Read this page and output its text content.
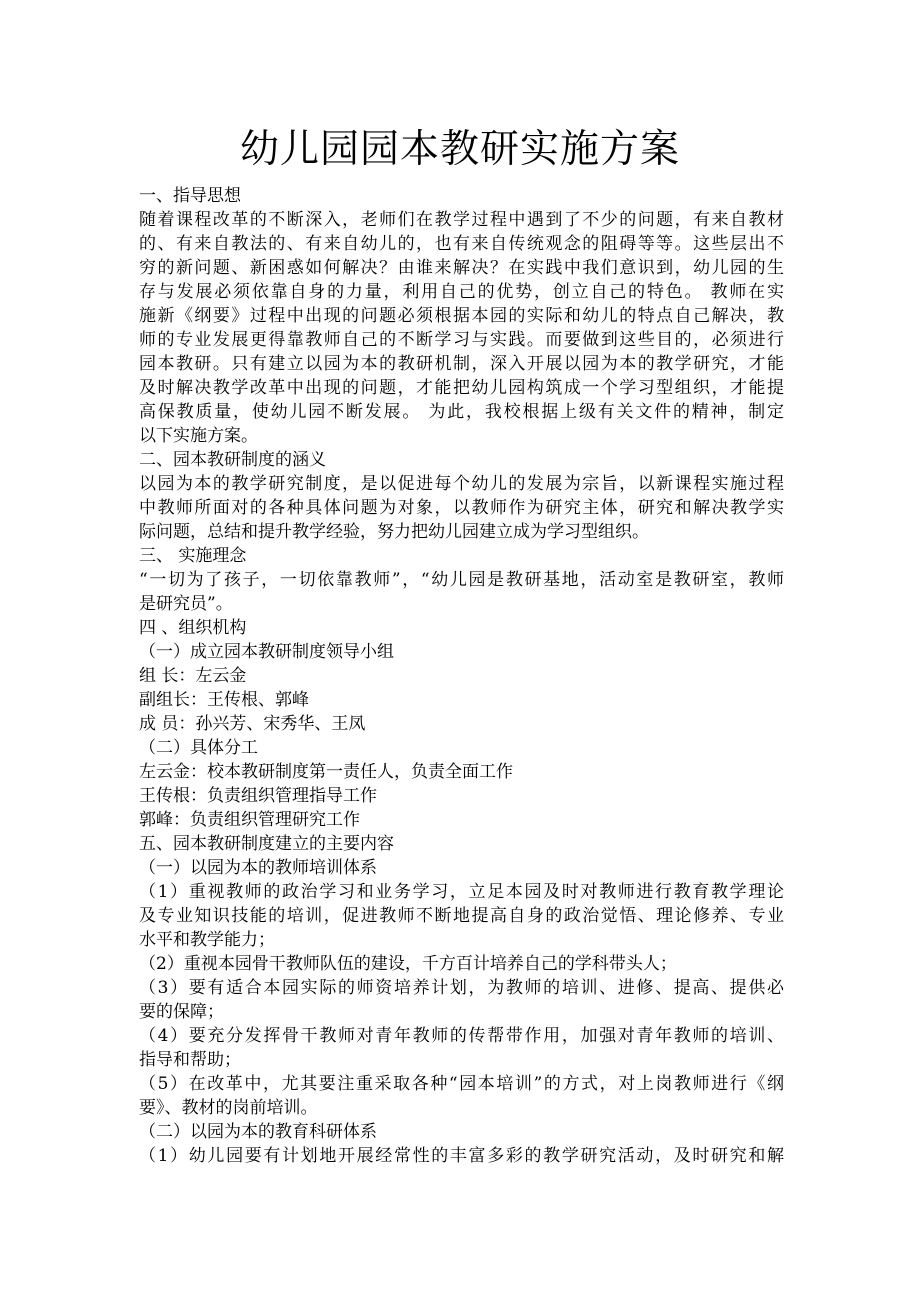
幼儿园园本教研实施方案

一、指导思想

随着课程改革的不断深入，老师们在教学过程中遇到了不少的问题，有来自教材

的、有来自教法的、有来自幼儿的，也有来自传统观念的阻碍等等。这些层出不

穷的新问题、新困惑如何解决？由谁来解决？在实践中我们意识到，幼儿园的生

存与发展必须依靠自身的力量，利用自己的优势，创立自己的特色。 教师在实

施新《纲要》过程中出现的问题必须根据本园的实际和幼儿的特点自己解决，教

师的专业发展更得靠教师自己的不断学习与实践。而要做到这些目的，必须进行

园本教研。只有建立以园为本的教研机制，深入开展以园为本的教学研究，才能

及时解决教学改革中出现的问题，才能把幼儿园构筑成一个学习型组织，才能提

高保教质量，使幼儿园不断发展。 为此，我校根据上级有关文件的精神，制定

以下实施方案。

二、园本教研制度的涵义

以园为本的教学研究制度，是以促进每个幼儿的发展为宗旨，以新课程实施过程

中教师所面对的各种具体问题为对象，以教师作为研究主体，研究和解决教学实

际问题，总结和提升教学经验，努力把幼儿园建立成为学习型组织。

三、 实施理念

“一切为了孩子，一切依靠教师”，“幼儿园是教研基地，活动室是教研室，教师

是研究员”。

四 、组织机构

（一）成立园本教研制度领导小组

组 长：左云金

副组长：王传根、郭峰

成 员：孙兴芳、宋秀华、王凤

（二）具体分工

左云金：校本教研制度第一责任人，负责全面工作

王传根：负责组织管理指导工作

郭峰：负责组织管理研究工作

五、园本教研制度建立的主要内容

（一）以园为本的教师培训体系

（1）重视教师的政治学习和业务学习，立足本园及时对教师进行教育教学理论

及专业知识技能的培训，促进教师不断地提高自身的政治觉悟、理论修养、专业

水平和教学能力；

（2）重视本园骨干教师队伍的建设，千方百计培养自己的学科带头人；

（3）要有适合本园实际的师资培养计划，为教师的培训、进修、提高、提供必

要的保障；

（4）要充分发挥骨干教师对青年教师的传帮带作用，加强对青年教师的培训、

指导和帮助；

（5）在改革中，尤其要注重采取各种“园本培训”的方式，对上岗教师进行《纲

要》、教材的岗前培训。

（二）以园为本的教育科研体系

（1）幼儿园要有计划地开展经常性的丰富多彩的教学研究活动，及时研究和解
